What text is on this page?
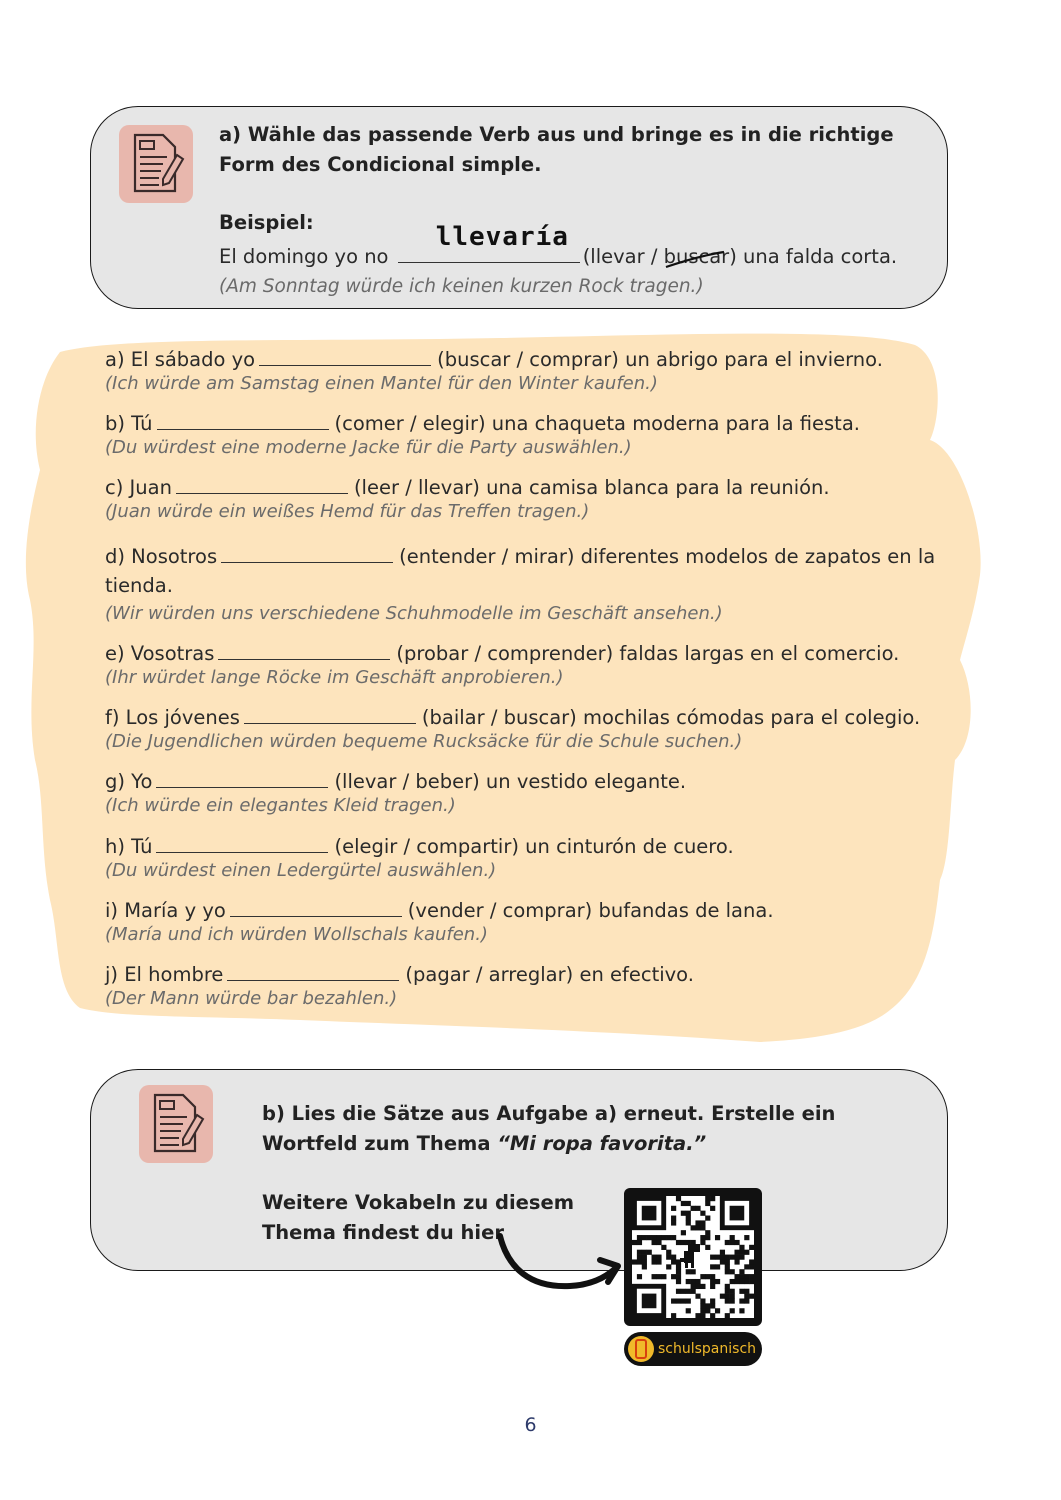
a) Wähle das passende Verb aus und bringe es in die richtige Form des Condicional simple.
Beispiel:
El domingo yo no
llevaría
(llevar / buscar
) una falda corta.
(Am Sonntag würde ich keinen kurzen Rock tragen.)
a) El sábado yo	(buscar / comprar) un abrigo para el invierno.
(Ich würde am Samstag einen Mantel für den Winter kaufen.)
b) Tú	(comer / elegir) una chaqueta moderna para la fiesta.
(Du würdest eine moderne Jacke für die Party auswählen.)
c) Juan	(leer / llevar) una camisa blanca para la reunión.
(Juan würde ein weißes Hemd für das Treffen tragen.)
d) Nosotros	(entender / mirar) diferentes modelos de zapatos en la tienda.
(Wir würden uns verschiedene Schuhmodelle im Geschäft ansehen.)
e) Vosotras	(probar / comprender) faldas largas en el comercio.
(Ihr würdet lange Röcke im Geschäft anprobieren.)
f) Los jóvenes	(bailar / buscar) mochilas cómodas para el colegio.
(Die Jugendlichen würden bequeme Rucksäcke für die Schule suchen.)
g) Yo	(llevar / beber) un vestido elegante.
(Ich würde ein elegantes Kleid tragen.)
h) Tú	(elegir / compartir) un cinturón de cuero.
(Du würdest einen Ledergürtel auswählen.)
i) María y yo	(vender / comprar) bufandas de lana.
(María und ich würden Wollschals kaufen.)
j) El hombre	(pagar / arreglar) en efectivo.
(Der Mann würde bar bezahlen.)
b) Lies die Sätze aus Aufgabe a) erneut. Erstelle ein Wortfeld zum Thema “Mi ropa favorita.”
Weitere Vokabeln zu diesem Thema findest du hier
schulspanisch
6
